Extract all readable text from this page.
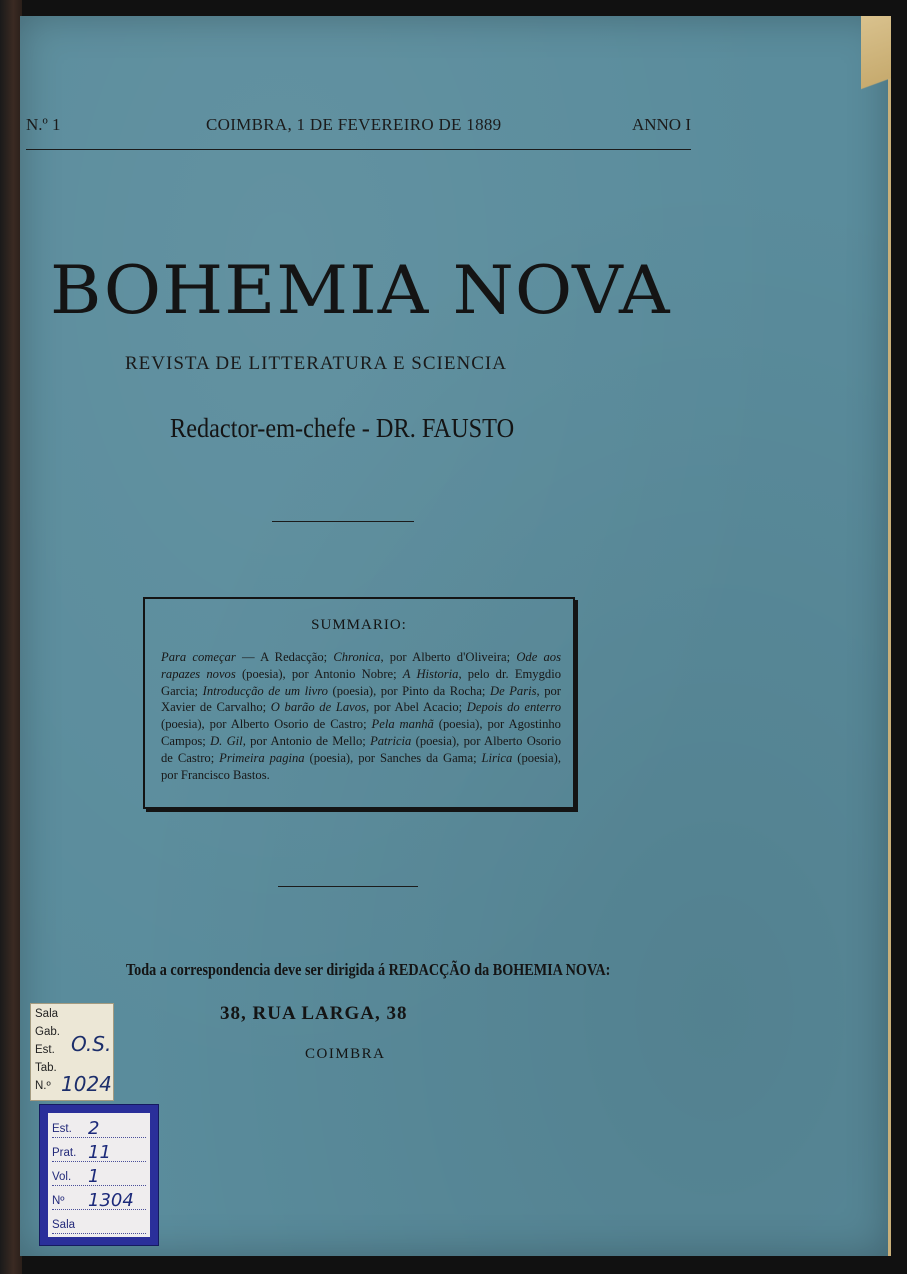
N.º 1	COIMBRA, 1 DE FEVEREIRO DE 1889	ANNO I
BOHEMIA NOVA
REVISTA DE LITTERATURA E SCIENCIA
Redactor-em-chefe - DR. FAUSTO
SUMMARIO:
Para começar — A Redacção; Chronica, por Alberto d'Oliveira; Ode aos rapazes novos (poesia), por Antonio Nobre; A Historia, pelo dr. Emygdio Garcia; Introducção de um livro (poesia), por Pinto da Rocha; De Paris, por Xavier de Carvalho; O barão de Lavos, por Abel Acacio; Depois do enterro (poesia), por Alberto Osorio de Castro; Pela manhã (poesia), por Agostinho Campos; D. Gil, por Antonio de Mello; Patricia (poesia), por Alberto Osorio de Castro; Primeira pagina (poesia), por Sanches da Gama; Lirica (poesia), por Francisco Bastos.
Toda a correspondencia deve ser dirigida á REDACÇÃO da BOHEMIA NOVA:
38, RUA LARGA, 38
COIMBRA
Sala
Gab.
Est. O.S.
Tab.
N.º 1024
Est. 2
Prat. 11
Vol. 1
Nº 1304
Sala
